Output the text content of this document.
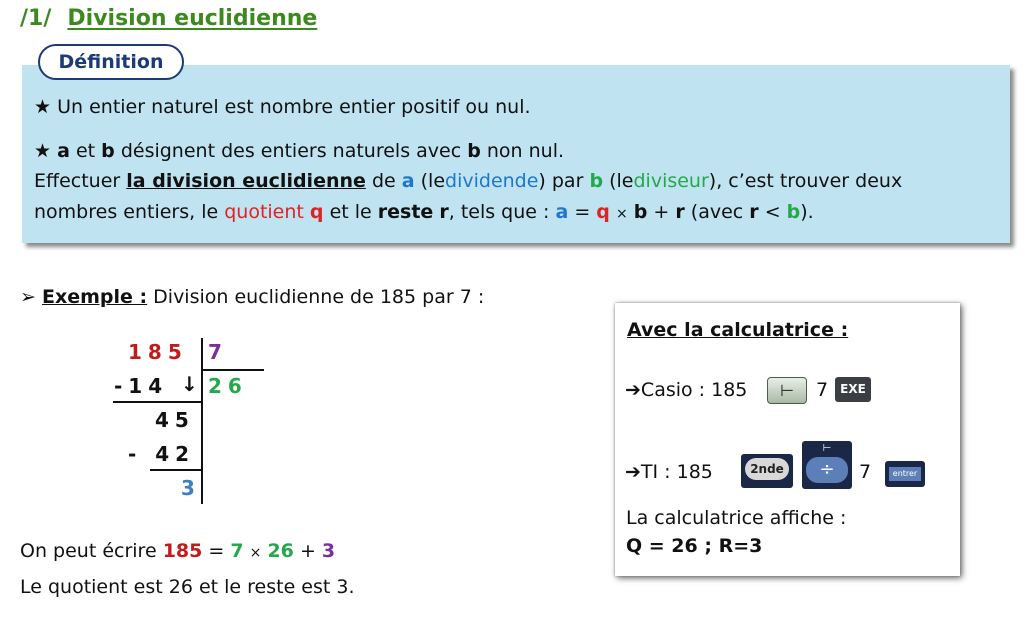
/1/ Division euclidienne
Définition
★ Un entier naturel est nombre entier positif ou nul.
★ a et b désignent des entiers naturels avec b non nul.
Effectuer la division euclidienne de a (ledividende) par b (lediviseur), c’est trouver deux
nombres entiers, le quotient q et le reste r, tels que : a = q × b + r (avec r < b).
➢ Exemple : Division euclidienne de 185 par 7 :
185 7
-14 ↓ 26
45
- 42
3
On peut écrire 185 = 7 × 26 + 3
Le quotient est 26 et le reste est 3.
Avec la calculatrice :
➔Casio : 185	⊢	7	EXE
➔TI : 185	2nde
⊢
÷	7	entrer
La calculatrice affiche :
Q = 26 ; R=3
